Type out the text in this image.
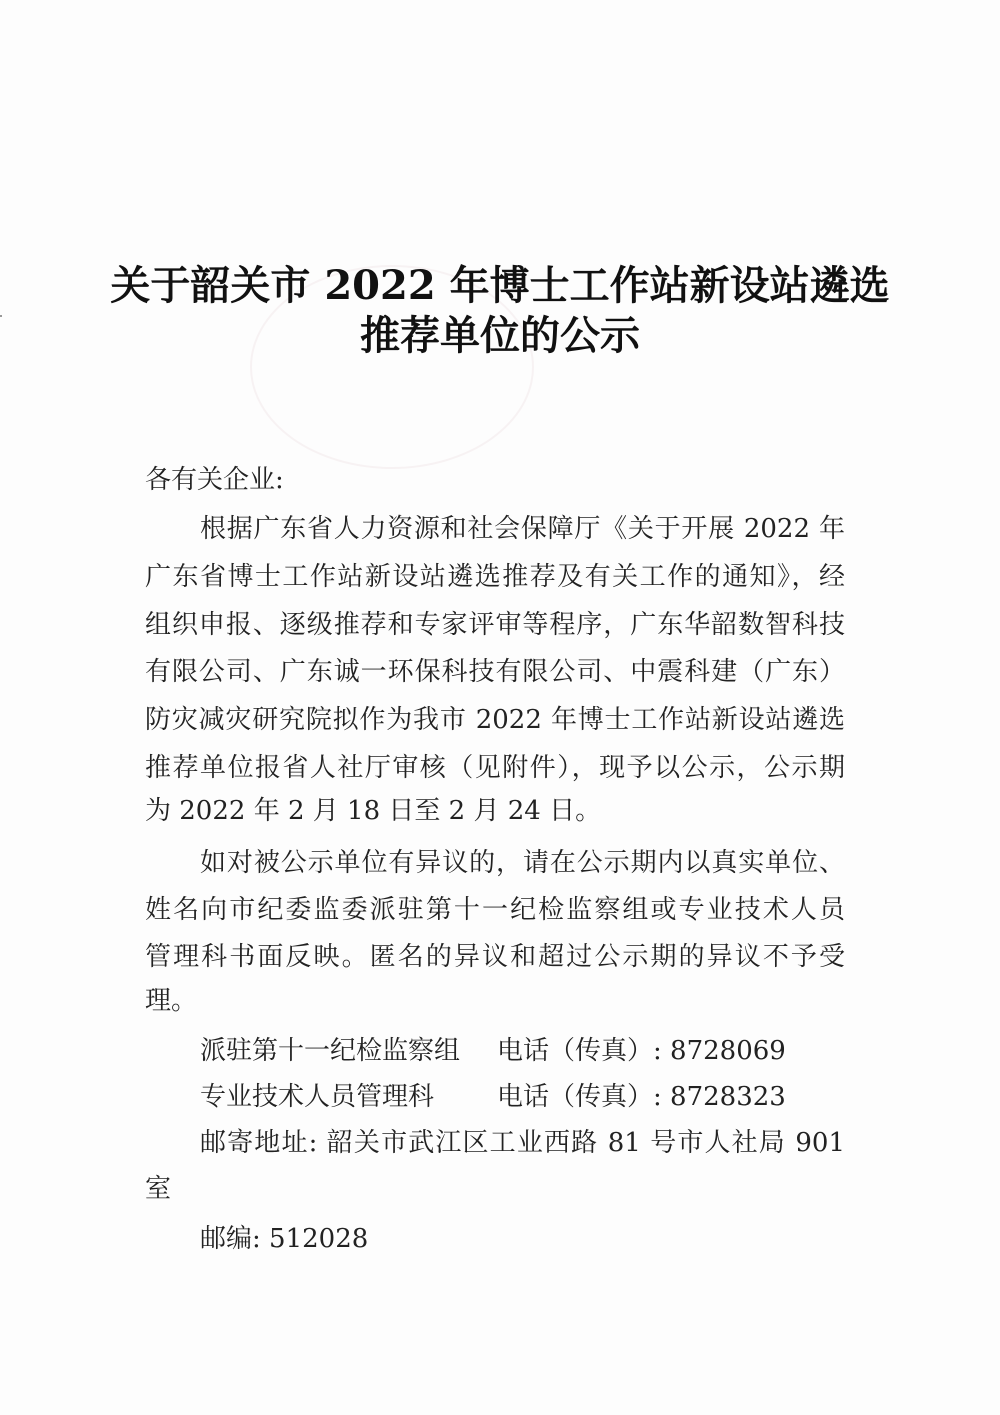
关于韶关市 2022 年博士工作站新设站遴选
推荐单位的公示
各有关企业:
根据广东省人力资源和社会保障厅《关于开展 2022 年
广东省博士工作站新设站遴选推荐及有关工作的通知》，经
组织申报、逐级推荐和专家评审等程序，广东华韶数智科技
有限公司、广东诚一环保科技有限公司、中震科建（广东）
防灾减灾研究院拟作为我市 2022 年博士工作站新设站遴选
推荐单位报省人社厅审核（见附件），现予以公示，公示期
为 2022 年 2 月 18 日至 2 月 24 日。
如对被公示单位有异议的，请在公示期内以真实单位、
姓名向市纪委监委派驻第十一纪检监察组或专业技术人员
管理科书面反映。匿名的异议和超过公示期的异议不予受
理。
派驻第十一纪检监察组 电话（传真）: 8728069
专业技术人员管理科 电话（传真）: 8728323
邮寄地址: 韶关市武江区工业西路 81 号市人社局 901
室
邮编: 512028
